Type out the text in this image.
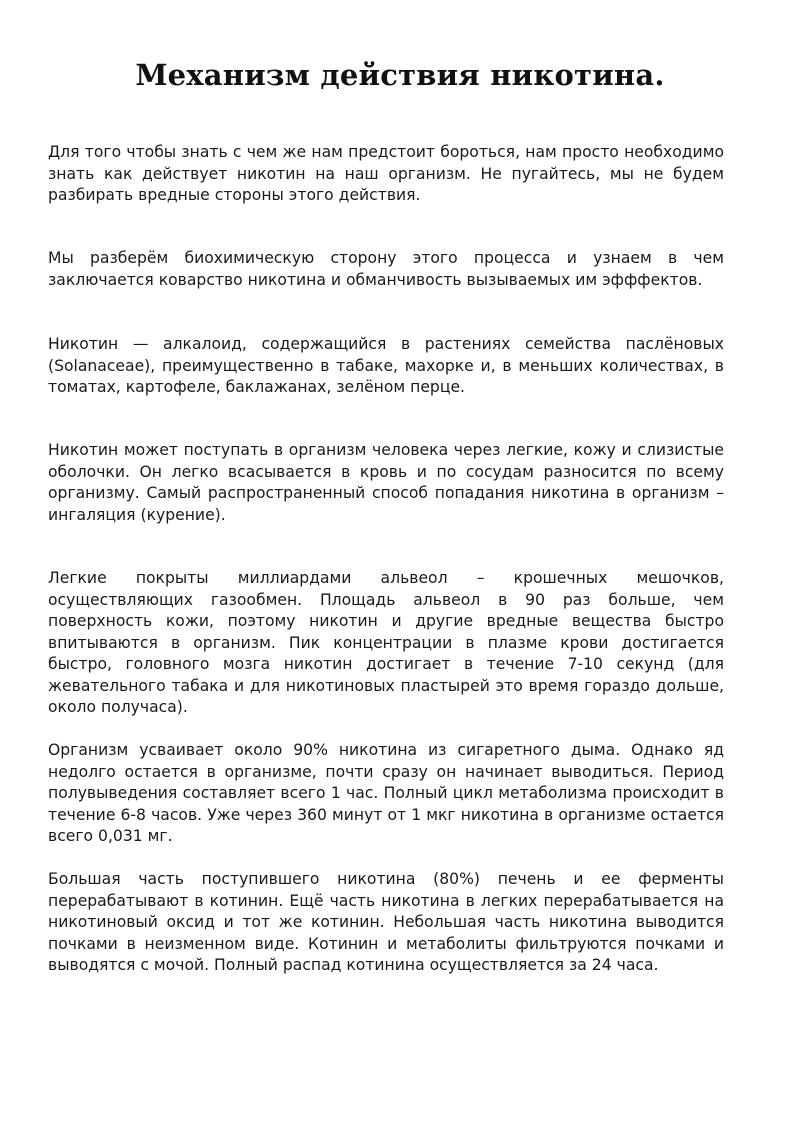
Механизм действия никотина.

Для того чтобы знать с чем же нам предстоит бороться, нам просто необходимо знать как действует никотин на наш организм. Не пугайтесь, мы не будем разбирать вредные стороны этого действия.

Мы разберём биохимическую сторону этого процесса и узнаем в чем заключается коварство никотина и обманчивость вызываемых им эфффектов.

Никотин — алкалоид, содержащийся в растениях семейства паслёновых (Solanaceae), преимущественно в табаке, махорке и, в меньших количествах, в томатах, картофеле, баклажанах, зелёном перце.

Никотин может поступать в организм человека через легкие, кожу и слизистые оболочки. Он легко всасывается в кровь и по сосудам разносится по всему организму. Самый распространенный способ попадания никотина в организм – ингаляция (курение).

Легкие покрыты миллиардами альвеол – крошечных мешочков, осуществляющих газообмен. Площадь альвеол в 90 раз больше, чем поверхность кожи, поэтому никотин и другие вредные вещества быстро впитываются в организм. Пик концентрации в плазме крови достигается быстро, головного мозга никотин достигает в течение 7-10 секунд (для жевательного табака и для никотиновых пластырей это время гораздо дольше, около получаса).

Организм усваивает около 90% никотина из сигаретного дыма. Однако яд недолго остается в организме, почти сразу он начинает выводиться. Период полувыведения составляет всего 1 час. Полный цикл метаболизма происходит в течение 6-8 часов. Уже через 360 минут от 1 мкг никотина в организме остается всего 0,031 мг.

Большая часть поступившего никотина (80%) печень и ее ферменты перерабатывают в котинин. Ещё часть никотина в легких перерабатывается на никотиновый оксид и тот же котинин. Небольшая часть никотина выводится почками в неизменном виде. Котинин и метаболиты фильтруются почками и выводятся с мочой. Полный распад котинина осуществляется за 24 часа.
